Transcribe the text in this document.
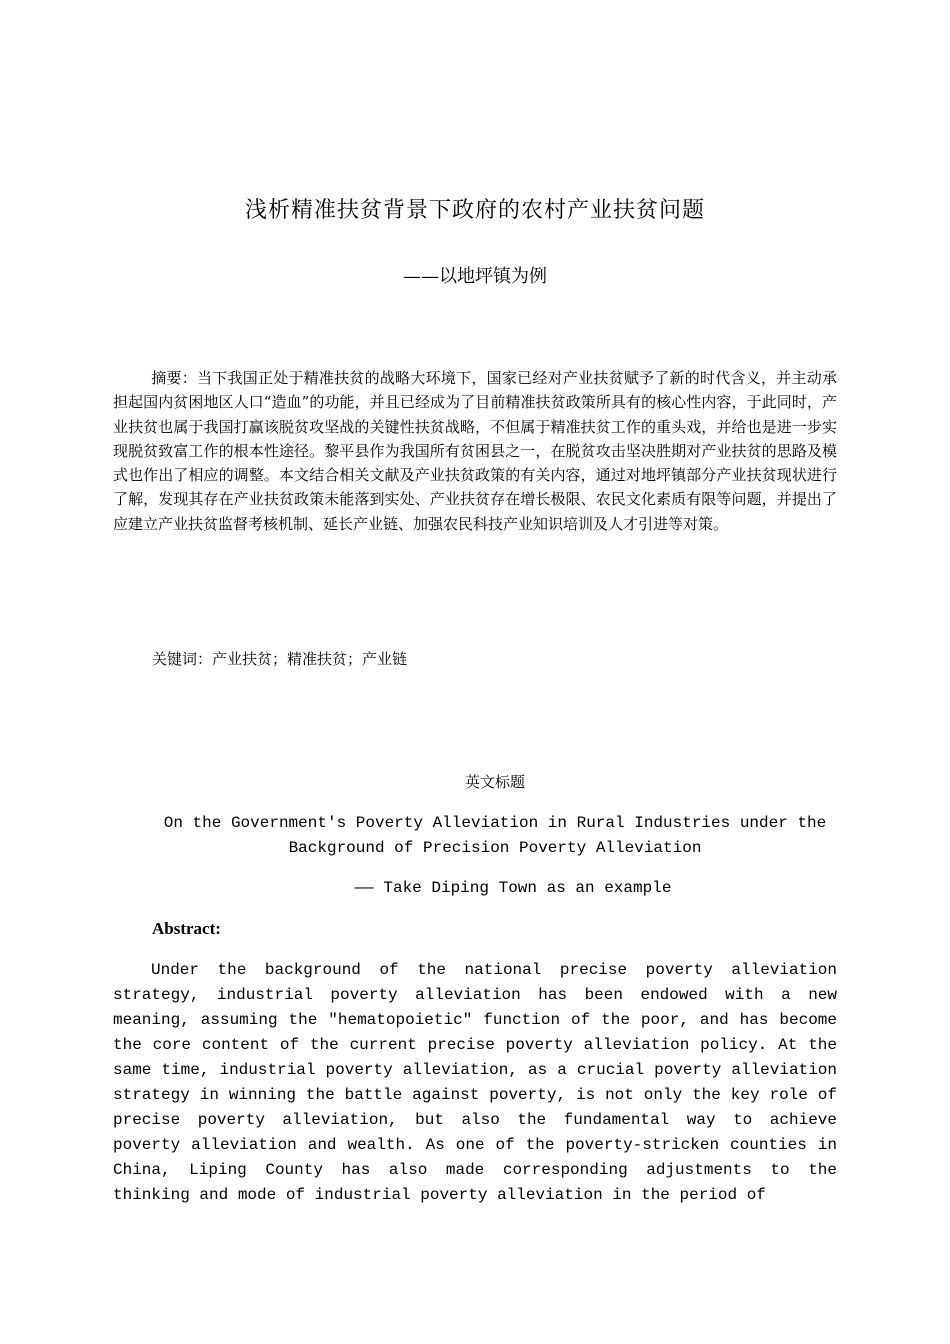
浅析精准扶贫背景下政府的农村产业扶贫问题
——以地坪镇为例

摘要：当下我国正处于精准扶贫的战略大环境下，国家已经对产业扶贫赋予了新的时代含义，并主动承担起国内贫困地区人口“造血”的功能，并且已经成为了目前精准扶贫政策所具有的核心性内容，于此同时，产业扶贫也属于我国打赢该脱贫攻坚战的关键性扶贫战略，不但属于精准扶贫工作的重头戏，并给也是进一步实现脱贫致富工作的根本性途径。黎平县作为我国所有贫困县之一，在脱贫攻击坚决胜期对产业扶贫的思路及模式也作出了相应的调整。本文结合相关文献及产业扶贫政策的有关内容，通过对地坪镇部分产业扶贫现状进行了解，发现其存在产业扶贫政策未能落到实处、产业扶贫存在增长极限、农民文化素质有限等问题，并提出了应建立产业扶贫监督考核机制、延长产业链、加强农民科技产业知识培训及人才引进等对策。

关键词：产业扶贫；精准扶贫；产业链
英文标题
On the Government's Poverty Alleviation in Rural Industries under the Background of Precision Poverty Alleviation
—— Take Diping Town as an example
Abstract:

Under the background of the national precise poverty alleviation strategy, industrial poverty alleviation has been endowed with a new meaning, assuming the "hematopoietic" function of the poor, and has become the core content of the current precise poverty alleviation policy. At the same time, industrial poverty alleviation, as a crucial poverty alleviation strategy in winning the battle against poverty, is not only the key role of precise poverty alleviation, but also the fundamental way to achieve poverty alleviation and wealth. As one of the poverty-stricken counties in China, Liping County has also made corresponding adjustments to the thinking and mode of industrial poverty alleviation in the period of
